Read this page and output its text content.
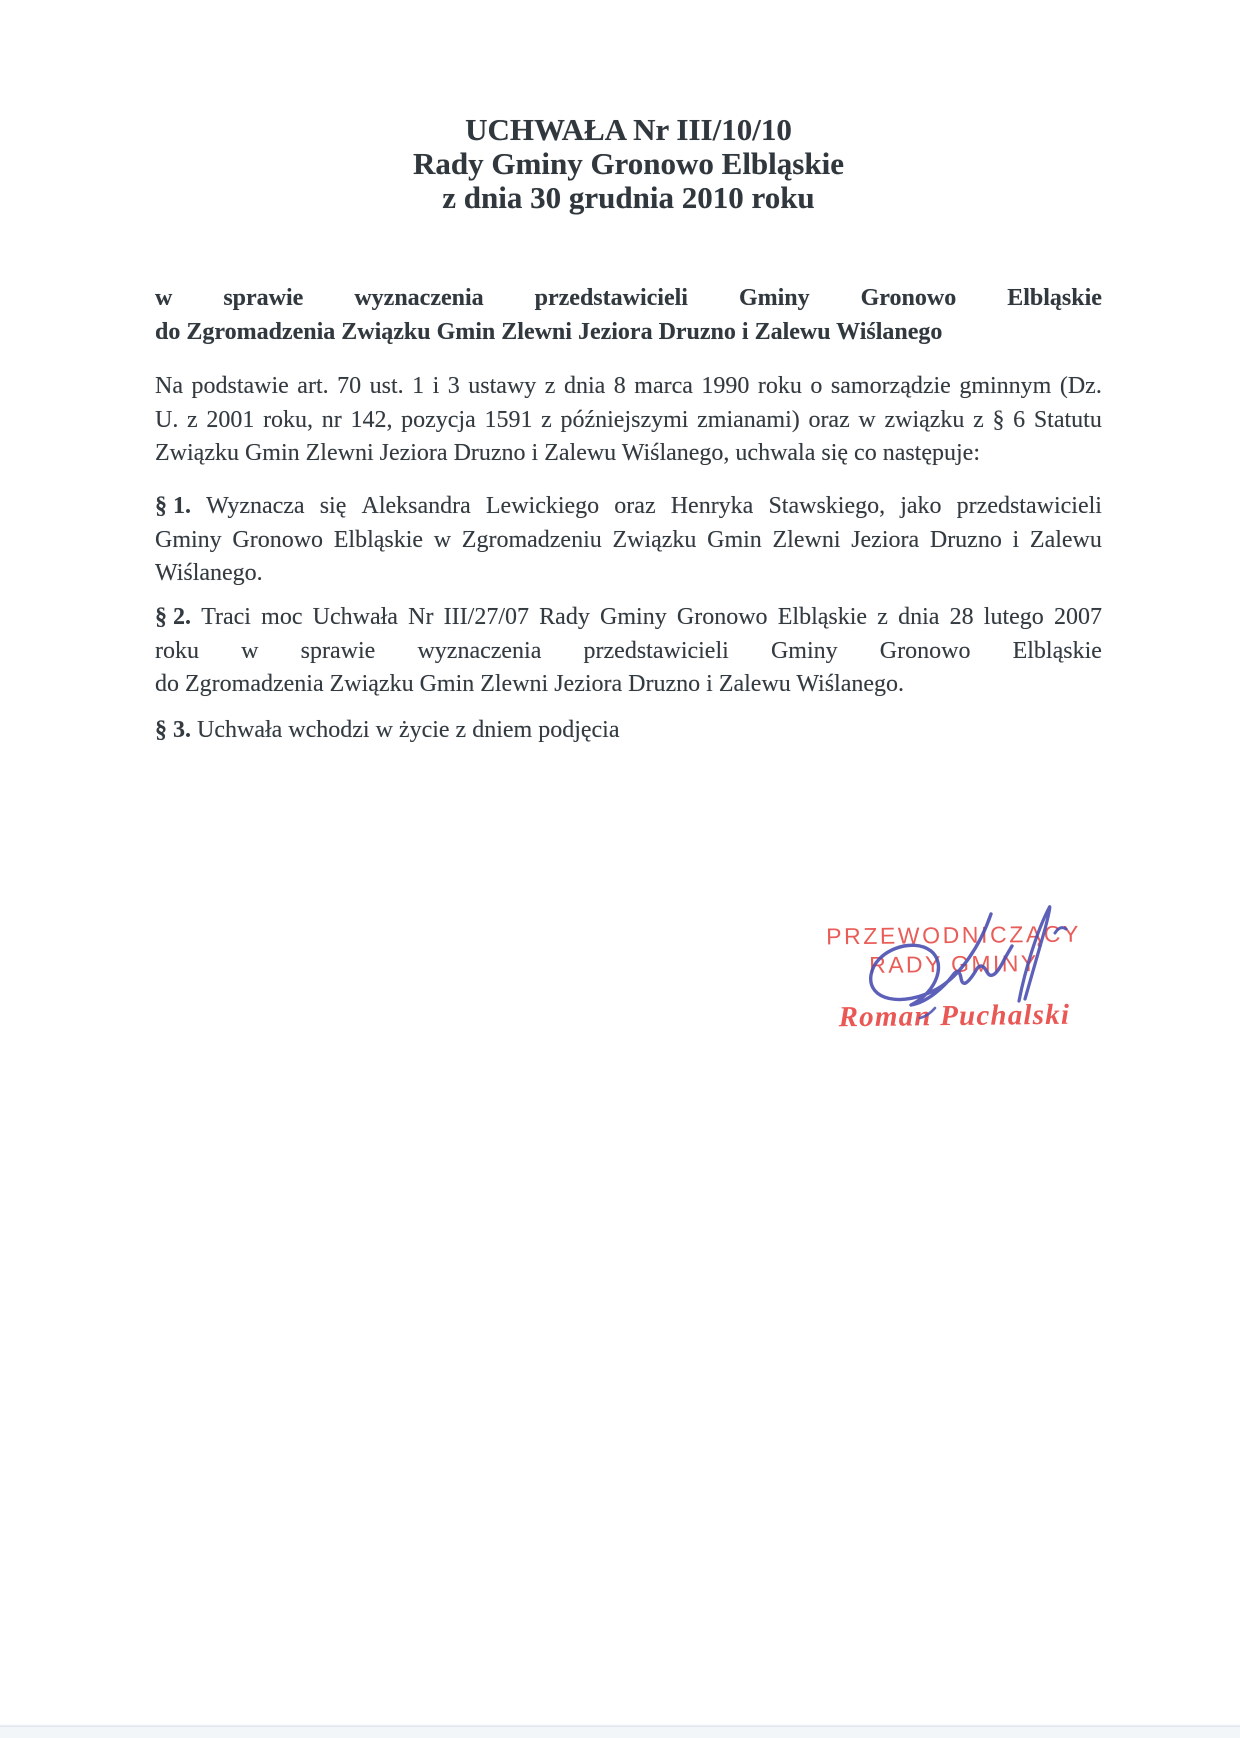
UCHWAŁA Nr III/10/10
Rady Gminy Gronowo Elbląskie
z dnia 30 grudnia 2010 roku
w sprawie wyznaczenia przedstawicieli Gminy Gronowo Elbląskie
do Zgromadzenia Związku Gmin Zlewni Jeziora Druzno i Zalewu Wiślanego
Na podstawie art. 70 ust. 1 i 3 ustawy z dnia 8 marca 1990 roku o samorządzie gminnym (Dz.
U. z 2001 roku, nr 142, pozycja 1591 z późniejszymi zmianami) oraz w związku z § 6 Statutu
Związku Gmin Zlewni Jeziora Druzno i Zalewu Wiślanego, uchwala się co następuje:
§ 1. Wyznacza się Aleksandra Lewickiego oraz Henryka Stawskiego, jako przedstawicieli
Gminy Gronowo Elbląskie w Zgromadzeniu Związku Gmin Zlewni Jeziora Druzno i Zalewu
Wiślanego.
§ 2. Traci moc Uchwała Nr III/27/07 Rady Gminy Gronowo Elbląskie z dnia 28 lutego 2007
roku w sprawie wyznaczenia przedstawicieli Gminy Gronowo Elbląskie
do Zgromadzenia Związku Gmin Zlewni Jeziora Druzno i Zalewu Wiślanego.
§ 3. Uchwała wchodzi w życie z dniem podjęcia
PRZEWODNICZĄCY
RADY GMINY
Roman Puchalski
